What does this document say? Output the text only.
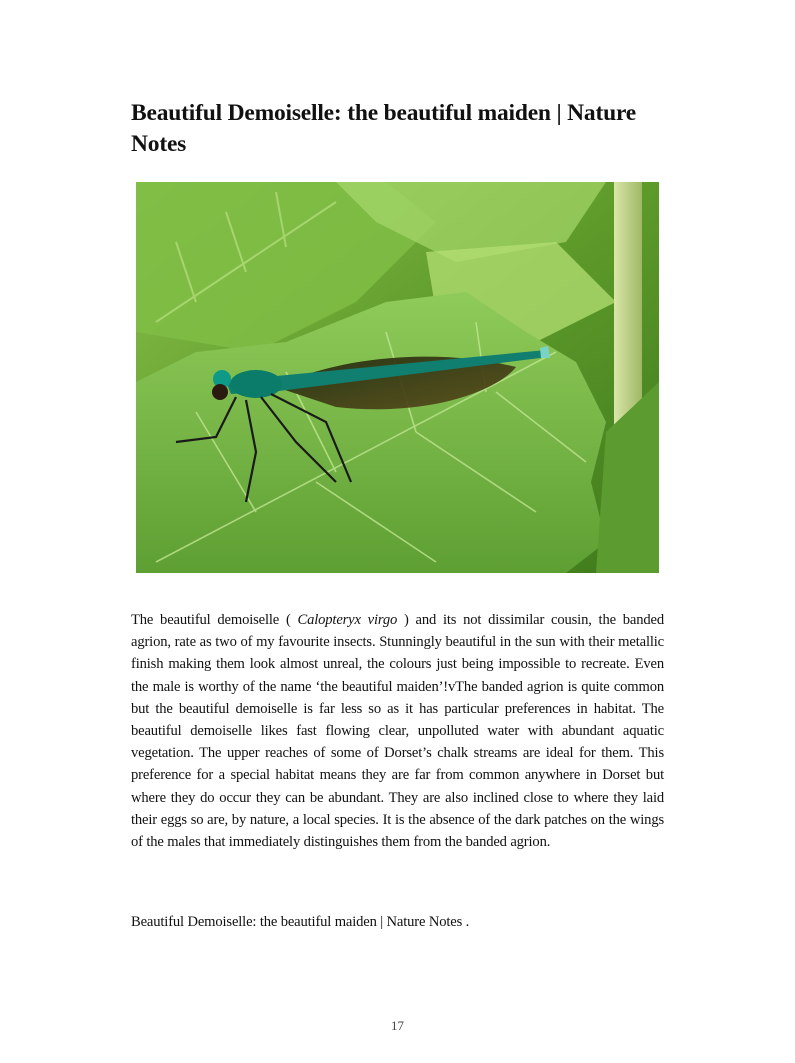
Beautiful Demoiselle: the beautiful maiden | Nature Notes
The beautiful demoiselle ( Calopteryx virgo ) and its not dissimilar cousin, the banded agrion, rate as two of my favourite insects. Stunningly beautiful in the sun with their metallic finish making them look almost unreal, the colours just being impossible to recreate. Even the male is worthy of the name ‘the beautiful maiden’!vThe banded agrion is quite common but the beautiful demoiselle is far less so as it has particular preferences in habitat. The beautiful demoiselle likes fast flowing clear, unpolluted water with abundant aquatic vegetation. The upper reaches of some of Dorset’s chalk streams are ideal for them. This preference for a special habitat means they are far from common anywhere in Dorset but where they do occur they can be abundant. They are also inclined close to where they laid their eggs so are, by nature, a local species. It is the absence of the dark patches on the wings of the males that immediately distinguishes them from the banded agrion.
Beautiful Demoiselle: the beautiful maiden | Nature Notes .
17
